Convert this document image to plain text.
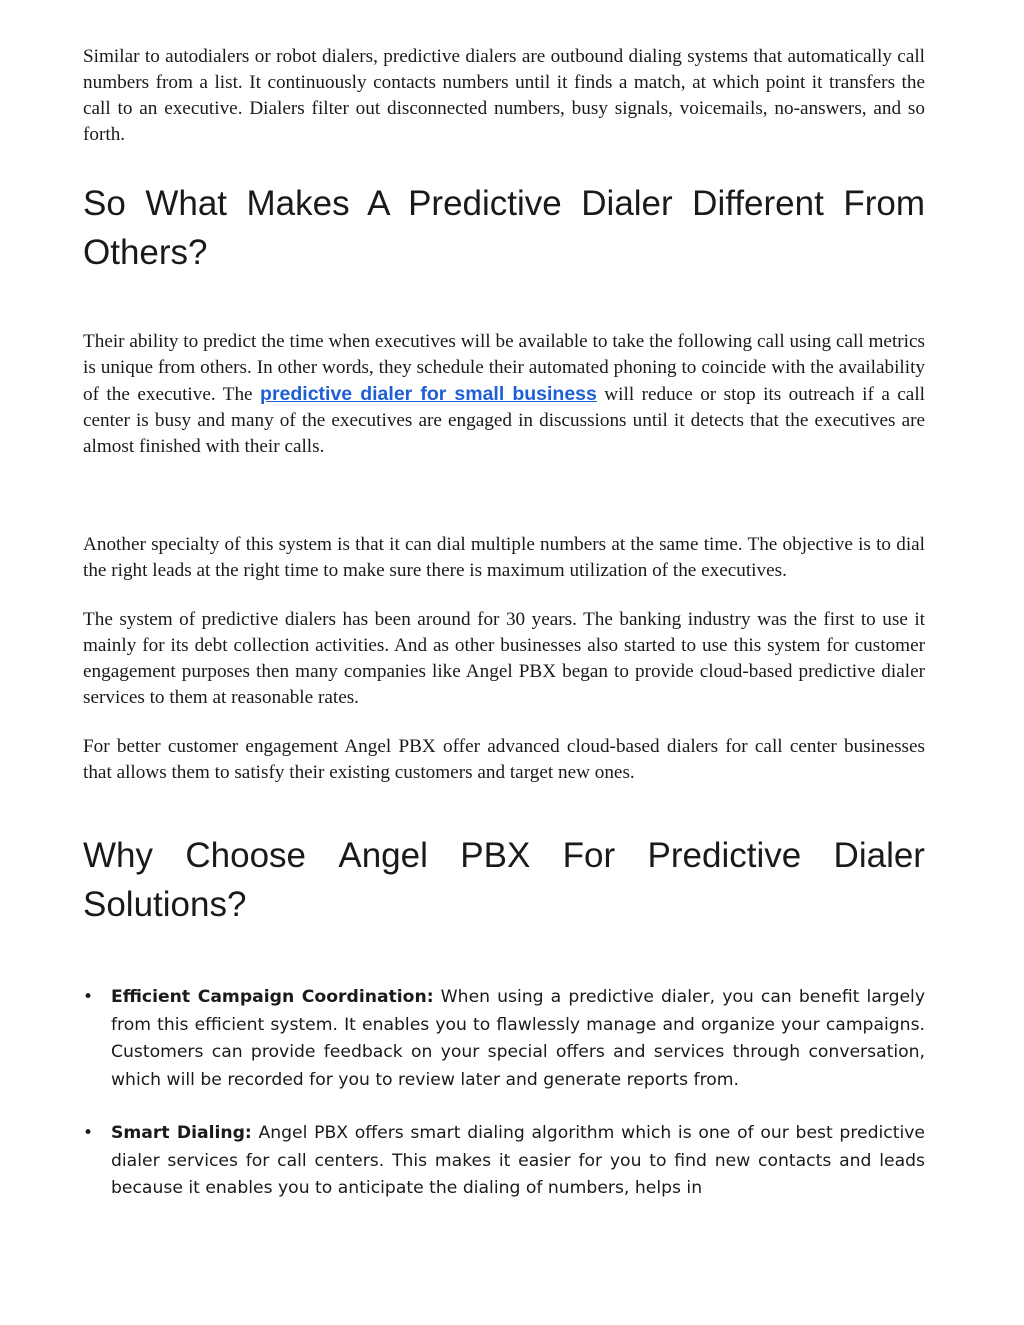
Similar to autodialers or robot dialers, predictive dialers are outbound dialing systems that automatically call numbers from a list. It continuously contacts numbers until it finds a match, at which point it transfers the call to an executive. Dialers filter out disconnected numbers, busy signals, voicemails, no-answers, and so forth.

So What Makes A Predictive Dialer Different From Others?

Their ability to predict the time when executives will be available to take the following call using call metrics is unique from others. In other words, they schedule their automated phoning to coincide with the availability of the executive. The predictive dialer for small business will reduce or stop its outreach if a call center is busy and many of the executives are engaged in discussions until it detects that the executives are almost finished with their calls.

Another specialty of this system is that it can dial multiple numbers at the same time. The objective is to dial the right leads at the right time to make sure there is maximum utilization of the executives.

The system of predictive dialers has been around for 30 years. The banking industry was the first to use it mainly for its debt collection activities. And as other businesses also started to use this system for customer engagement purposes then many companies like Angel PBX began to provide cloud-based predictive dialer services to them at reasonable rates.

For better customer engagement Angel PBX offer advanced cloud-based dialers for call center businesses that allows them to satisfy their existing customers and target new ones.

Why Choose Angel PBX For Predictive Dialer
Solutions?
• Efficient Campaign Coordination: When using a predictive dialer, you can benefit largely from this efficient system. It enables you to flawlessly manage and organize your campaigns. Customers can provide feedback on your special offers and services through conversation, which will be recorded for you to review later and generate reports from.
• Smart Dialing: Angel PBX offers smart dialing algorithm which is one of our best predictive dialer services for call centers. This makes it easier for you to find new contacts and leads because it enables you to anticipate the dialing of numbers, helps in
